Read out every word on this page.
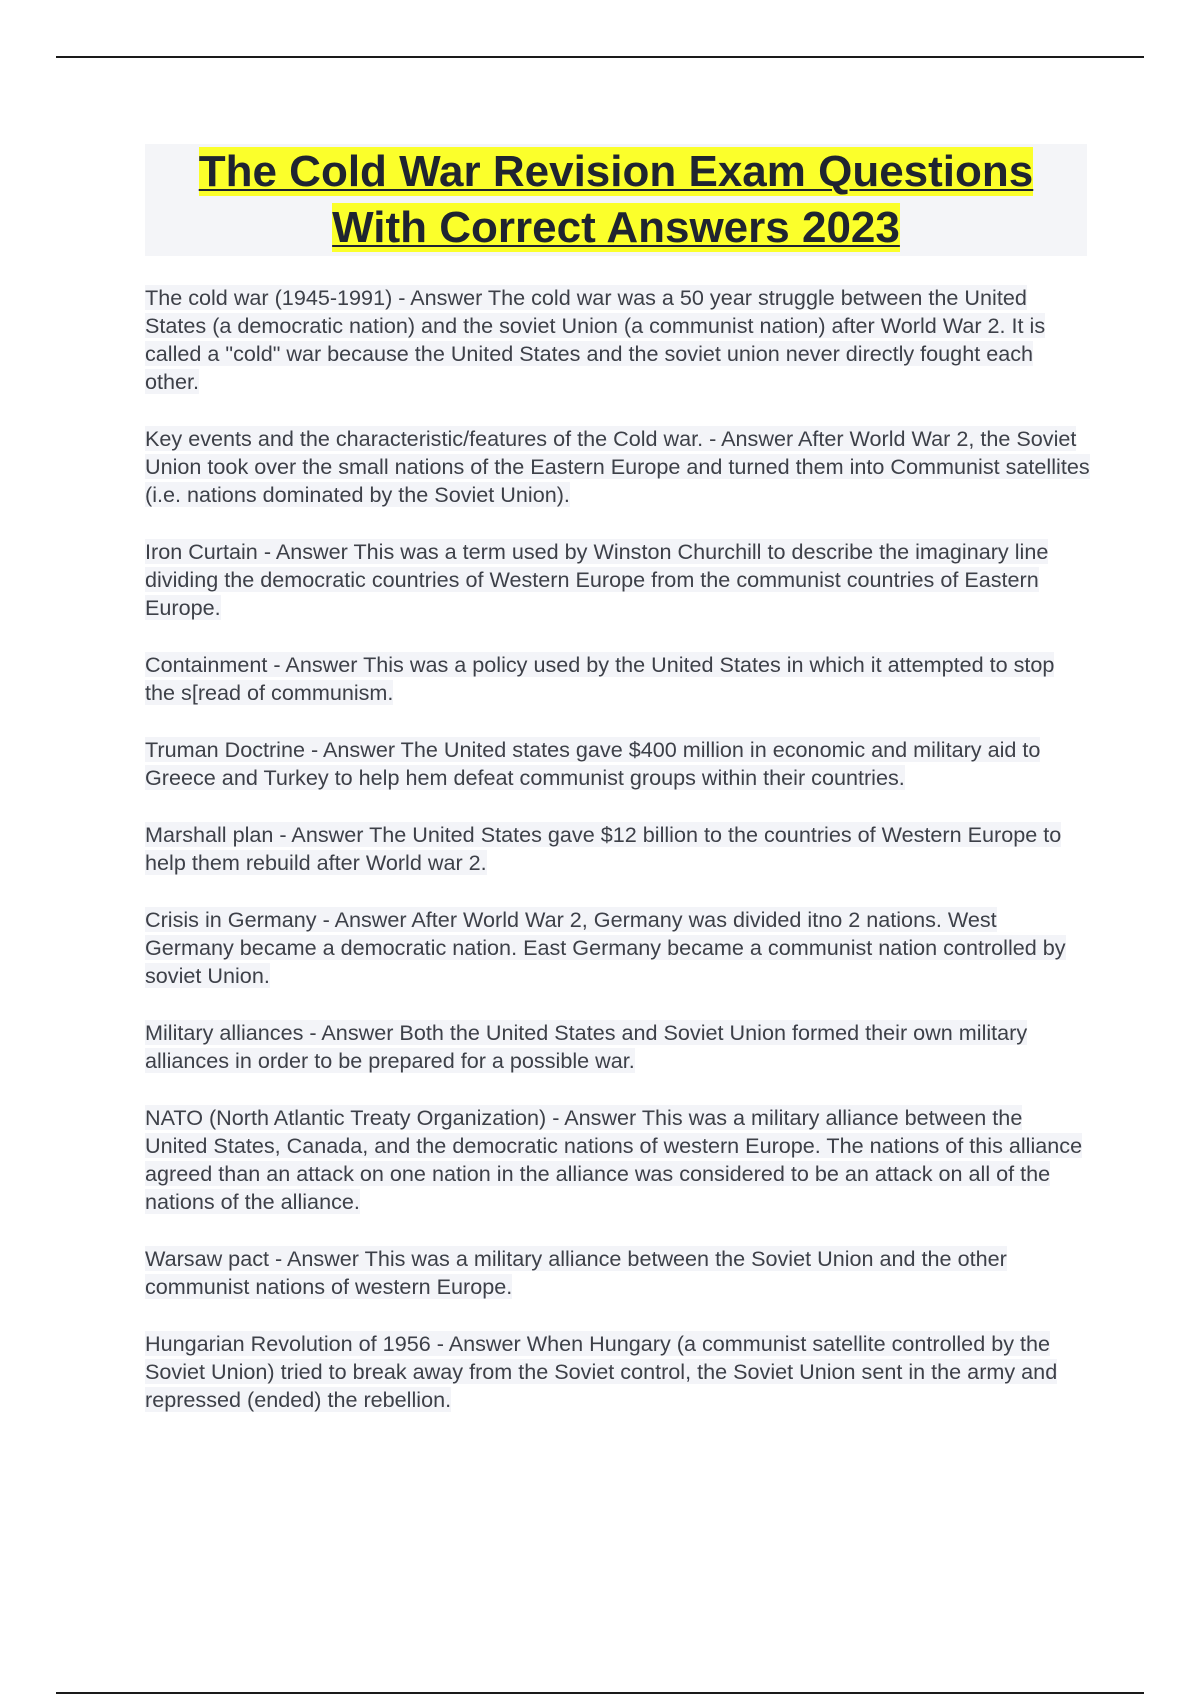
The Cold War Revision Exam Questions
With Correct Answers 2023

The cold war (1945-1991) - Answer The cold war was a 50 year struggle between the United States (a democratic nation) and the soviet Union (a communist nation) after World War 2. It is called a "cold" war because the United States and the soviet union never directly fought each other.

Key events and the characteristic/features of the Cold war. - Answer After World War 2, the Soviet Union took over the small nations of the Eastern Europe and turned them into Communist satellites (i.e. nations dominated by the Soviet Union).

Iron Curtain - Answer This was a term used by Winston Churchill to describe the imaginary line dividing the democratic countries of Western Europe from the communist countries of Eastern Europe.

Containment - Answer This was a policy used by the United States in which it attempted to stop the s[read of communism.

Truman Doctrine - Answer The United states gave $400 million in economic and military aid to Greece and Turkey to help hem defeat communist groups within their countries.

Marshall plan - Answer The United States gave $12 billion to the countries of Western Europe to help them rebuild after World war 2.

Crisis in Germany - Answer After World War 2, Germany was divided itno 2 nations. West Germany became a democratic nation. East Germany became a communist nation controlled by soviet Union.

Military alliances - Answer Both the United States and Soviet Union formed their own military alliances in order to be prepared for a possible war.

NATO (North Atlantic Treaty Organization) - Answer This was a military alliance between the United States, Canada, and the democratic nations of western Europe. The nations of this alliance agreed than an attack on one nation in the alliance was considered to be an attack on all of the nations of the alliance.

Warsaw pact - Answer This was a military alliance between the Soviet Union and the other communist nations of western Europe.

Hungarian Revolution of 1956 - Answer When Hungary (a communist satellite controlled by the Soviet Union) tried to break away from the Soviet control, the Soviet Union sent in the army and repressed (ended) the rebellion.
